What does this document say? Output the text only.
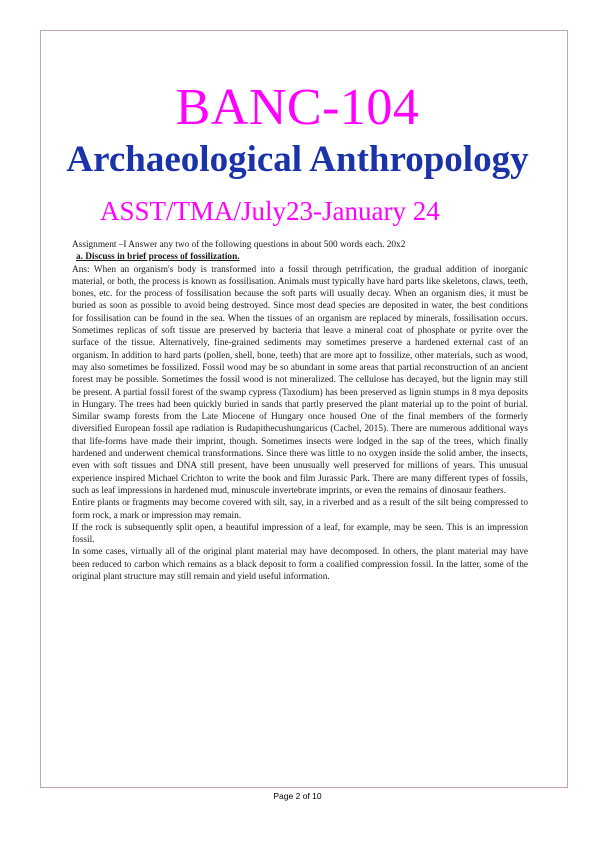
BANC-104
Archaeological Anthropology
ASST/TMA/July23-January 24

Assignment –I Answer any two of the following questions in about 500 words each. 20x2

a. Discuss in brief process of fossilization.

Ans: When an organism's body is transformed into a fossil through petrification, the gradual addition of inorganic material, or both, the process is known as fossilisation. Animals must typically have hard parts like skeletons, claws, teeth, bones, etc. for the process of fossilisation because the soft parts will usually decay. When an organism dies, it must be buried as soon as possible to avoid being destroyed. Since most dead species are deposited in water, the best conditions for fossilisation can be found in the sea. When the tissues of an organism are replaced by minerals, fossilisation occurs. Sometimes replicas of soft tissue are preserved by bacteria that leave a mineral coat of phosphate or pyrite over the surface of the tissue. Alternatively, fine-grained sediments may sometimes preserve a hardened external cast of an organism. In addition to hard parts (pollen, shell, bone, teeth) that are more apt to fossilize, other materials, such as wood, may also sometimes be fossilized. Fossil wood may be so abundant in some areas that partial reconstruction of an ancient forest may be possible. Sometimes the fossil wood is not mineralized. The cellulose has decayed, but the lignin may still be present. A partial fossil forest of the swamp cypress (Taxodium) has been preserved as lignin stumps in 8 mya deposits in Hungary. The trees had been quickly buried in sands that partly preserved the plant material up to the point of burial. Similar swamp forests from the Late Miocene of Hungary once housed One of the final members of the formerly diversified European fossil ape radiation is Rudapithecushungaricus (Cachel, 2015). There are numerous additional ways that life-forms have made their imprint, though. Sometimes insects were lodged in the sap of the trees, which finally hardened and underwent chemical transformations. Since there was little to no oxygen inside the solid amber, the insects, even with soft tissues and DNA still present, have been unusually well preserved for millions of years. This unusual experience inspired Michael Crichton to write the book and film Jurassic Park. There are many different types of fossils, such as leaf impressions in hardened mud, minuscule invertebrate imprints, or even the remains of dinosaur feathers.

Entire plants or fragments may become covered with silt, say, in a riverbed and as a result of the silt being compressed to form rock, a mark or impression may remain.

If the rock is subsequently split open, a beautiful impression of a leaf, for example, may be seen. This is an impression fossil.

In some cases, virtually all of the original plant material may have decomposed. In others, the plant material may have been reduced to carbon which remains as a black deposit to form a coalified compression fossil. In the latter, some of the original plant structure may still remain and yield useful information.

Page 2 of 10
